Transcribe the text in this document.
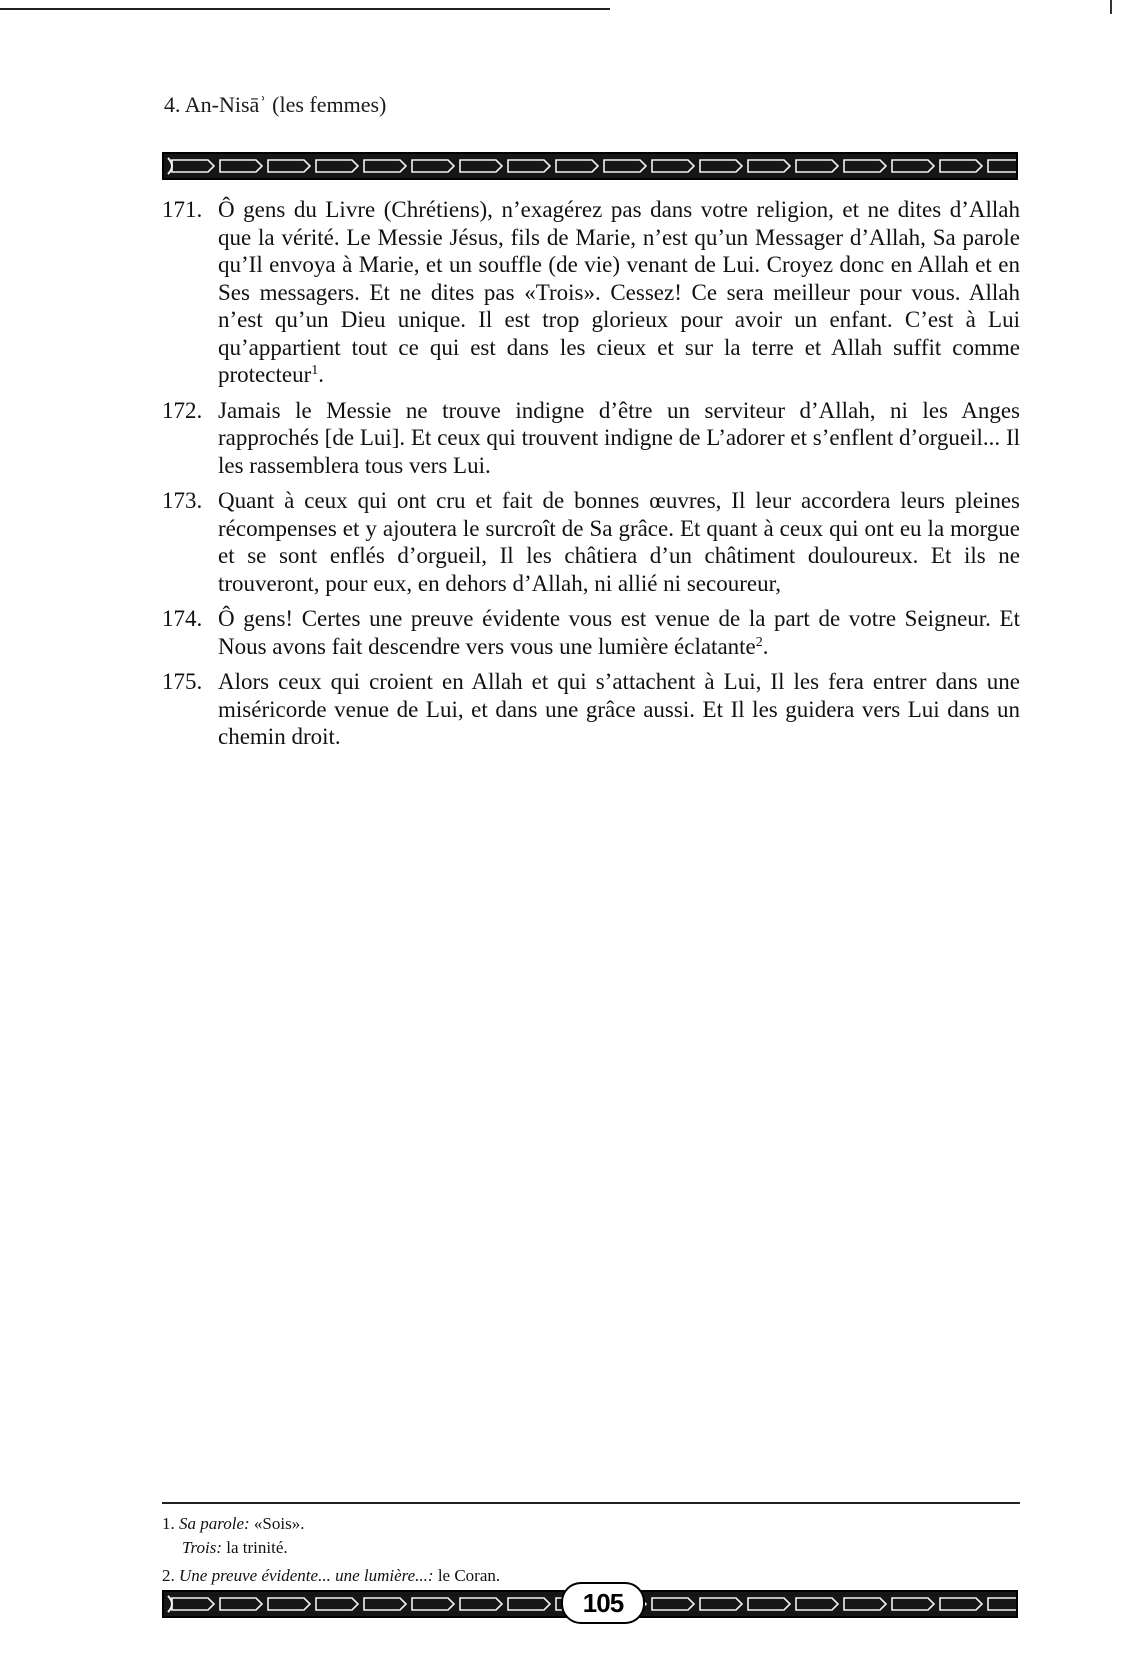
4. An-Nisāʾ (les femmes)
171. Ô gens du Livre (Chrétiens), n’exagérez pas dans votre religion, et ne dites d’Allah que la vérité. Le Messie Jésus, fils de Marie, n’est qu’un Messager d’Allah, Sa parole qu’Il envoya à Marie, et un souffle (de vie) venant de Lui. Croyez donc en Allah et en Ses messagers. Et ne dites pas «Trois». Cessez! Ce sera meilleur pour vous. Allah n’est qu’un Dieu unique. Il est trop glorieux pour avoir un enfant. C’est à Lui qu’appartient tout ce qui est dans les cieux et sur la terre et Allah suffit comme protecteur$^1$.

172. Jamais le Messie ne trouve indigne d’être un serviteur d’Allah, ni les Anges rapprochés [de Lui]. Et ceux qui trouvent indigne de L’adorer et s’enflent d’orgueil... Il les rassemblera tous vers Lui.

173. Quant à ceux qui ont cru et fait de bonnes œuvres, Il leur accordera leurs pleines récompenses et y ajoutera le surcroît de Sa grâce. Et quant à ceux qui ont eu la morgue et se sont enflés d’orgueil, Il les châtiera d’un châtiment douloureux. Et ils ne trouveront, pour eux, en dehors d’Allah, ni allié ni secoureur,

174. Ô gens! Certes une preuve évidente vous est venue de la part de votre Seigneur. Et Nous avons fait descendre vers vous une lumière éclatante$^2$.

175. Alors ceux qui croient en Allah et qui s’attachent à Lui, Il les fera entrer dans une miséricorde venue de Lui, et dans une grâce aussi. Et Il les guidera vers Lui dans un chemin droit.

1. Sa parole: «Sois».
Trois: la trinité.
2. Une preuve évidente... une lumière...: le Coran.
105
